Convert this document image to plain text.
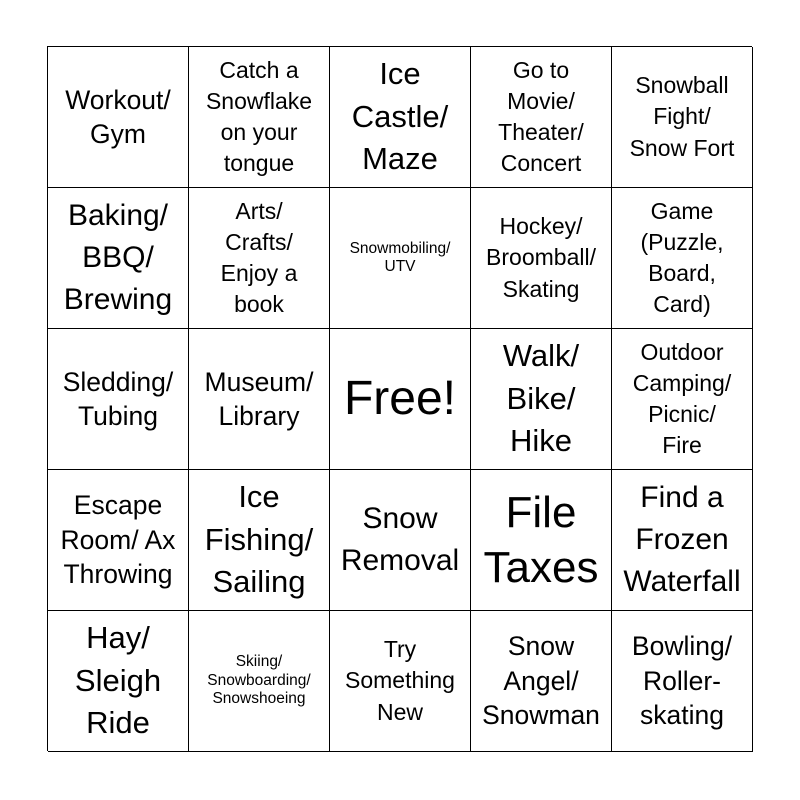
Workout/
Gym
Catch a
Snowflake
on your
tongue
Ice
Castle/
Maze
Go to
Movie/
Theater/
Concert
Snowball
Fight/
Snow Fort
Baking/
BBQ/
Brewing
Arts/
Crafts/
Enjoy a
book
Snowmobiling/
UTV
Hockey/
Broomball/
Skating
Game
(Puzzle,
Board,
Card)
Sledding/
Tubing
Museum/
Library Free!
Walk/
Bike/
Hike
Outdoor
Camping/
Picnic/
Fire
Escape
Room/ Ax
Throwing
Ice
Fishing/
Sailing
Snow
Removal
File
Taxes
Find a
Frozen
Waterfall
Hay/
Sleigh
Ride
Skiing/
Snowboarding/
Snowshoeing
Try
Something
New
Snow
Angel/
Snowman
Bowling/
Roller-
skating
